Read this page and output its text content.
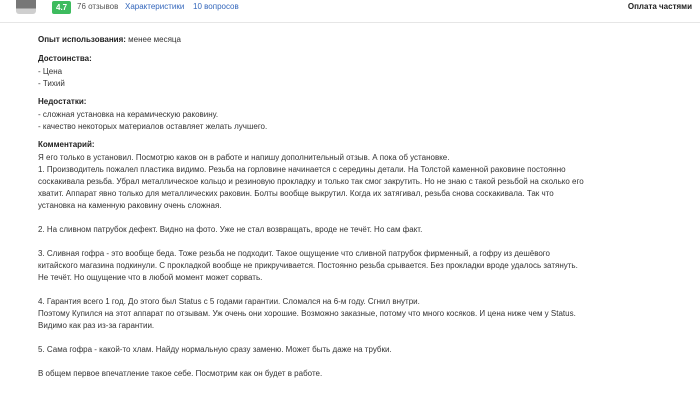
4.7	76 отзывов Характеристики 10 вопросов	Оплата частями
Опыт использования: менее месяца
Достоинства:
- Цена
- Тихий
Недостатки:
- сложная установка на керамическую раковину.
- качество некоторых материалов оставляет желать лучшего.
Комментарий:
Я его только в установил. Посмотрю каков он в работе и напишу дополнительный отзыв. А пока об установке.
1. Производитель пожалел пластика видимо. Резьба на горловине начинается с середины детали. На Толстой каменной раковине постоянно
соскакивала резьба. Убрал металлическое кольцо и резиновую прокладку и только так смог закрутить. Но не знаю с такой резьбой на сколько его
хватит. Аппарат явно только для металлических раковин. Болты вообще выкрутил. Когда их затягивал, резьба снова соскакивала. Так что
установка на каменную раковину очень сложная.
2. На сливном патрубок дефект. Видно на фото. Уже не стал возвращать, вроде не течёт. Но сам факт.
3. Сливная гофра - это вообще беда. Тоже резьба не подходит. Такое ощущение что сливной патрубок фирменный, а гофру из дешёвого
китайского магазина подкинули. С прокладкой вообще не прикручивается. Постоянно резьба срывается. Без прокладки вроде удалось затянуть.
Не течёт. Но ощущение что в любой момент может сорвать.
4. Гарантия всего 1 год. До этого был Status с 5 годами гарантии. Сломался на 6-м году. Сгнил внутри.
Поэтому Купился на этот аппарат по отзывам. Уж очень они хорошие. Возможно заказные, потому что много косяков. И цена ниже чем у Status.
Видимо как раз из-за гарантии.
5. Сама гофра - какой-то хлам. Найду нормальную сразу заменю. Может быть даже на трубки.
В общем первое впечатление такое себе. Посмотрим как он будет в работе.
